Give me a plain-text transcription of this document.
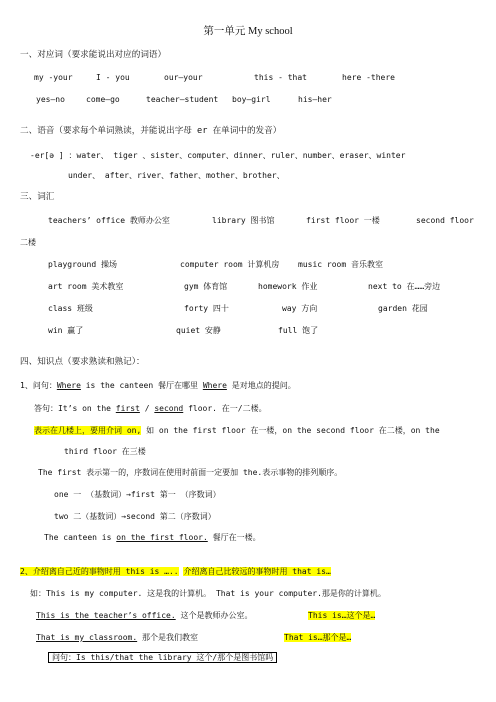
第一单元 My school
一、对应词（要求能说出对应的词语）
my -your	I - you	our—your	this - that	here -there
yes—no	come—go	teacher—student boy—girl	his—her
二、语音（要求每个单词熟读，并能说出字母 er 在单词中的发音）
-er[ə ] ：water、 tiger 、sister、computer、dinner、ruler、number、eraser、winter
under、 after、river、father、mother、brother、
三、词汇
teachers’ office 教师办公室	library 图书馆	first floor 一楼	second floor
二楼
playground 操场	computer room 计算机房 music room 音乐教室
art room 美术教室	gym 体育馆	homework 作业	next to 在……旁边
class 班级	forty 四十	way 方向	garden 花园
win 赢了	quiet 安静	full 饱了
四、知识点（要求熟读和熟记）：
1、问句：Where is the canteen 餐厅在哪里 Where 是对地点的提问。
答句：It’s on the first / second floor. 在一/二楼。
表示在几楼上，要用介词 on, 如 on the first floor 在一楼，on the second floor 在二楼，on the
third floor 在三楼
The first 表示第一的，序数词在使用时前面一定要加 the.表示事物的排列顺序。
one 一 （基数词）→first 第一 （序数词）
two 二（基数词）→second 第二（序数词）
The canteen is on the first floor. 餐厅在一楼。
2、介绍离自己近的事物时用 this is ….. 介绍离自己比较远的事物时用 that is…
如：This is my computer. 这是我的计算机。 That is your computer.那是你的计算机。
This is the teacher’s office. 这个是教师办公室。	This is…这个是…
That is my classroom. 那个是我们教室	That is…那个是…
问句：Is this/that the library 这个/那个是图书馆吗
